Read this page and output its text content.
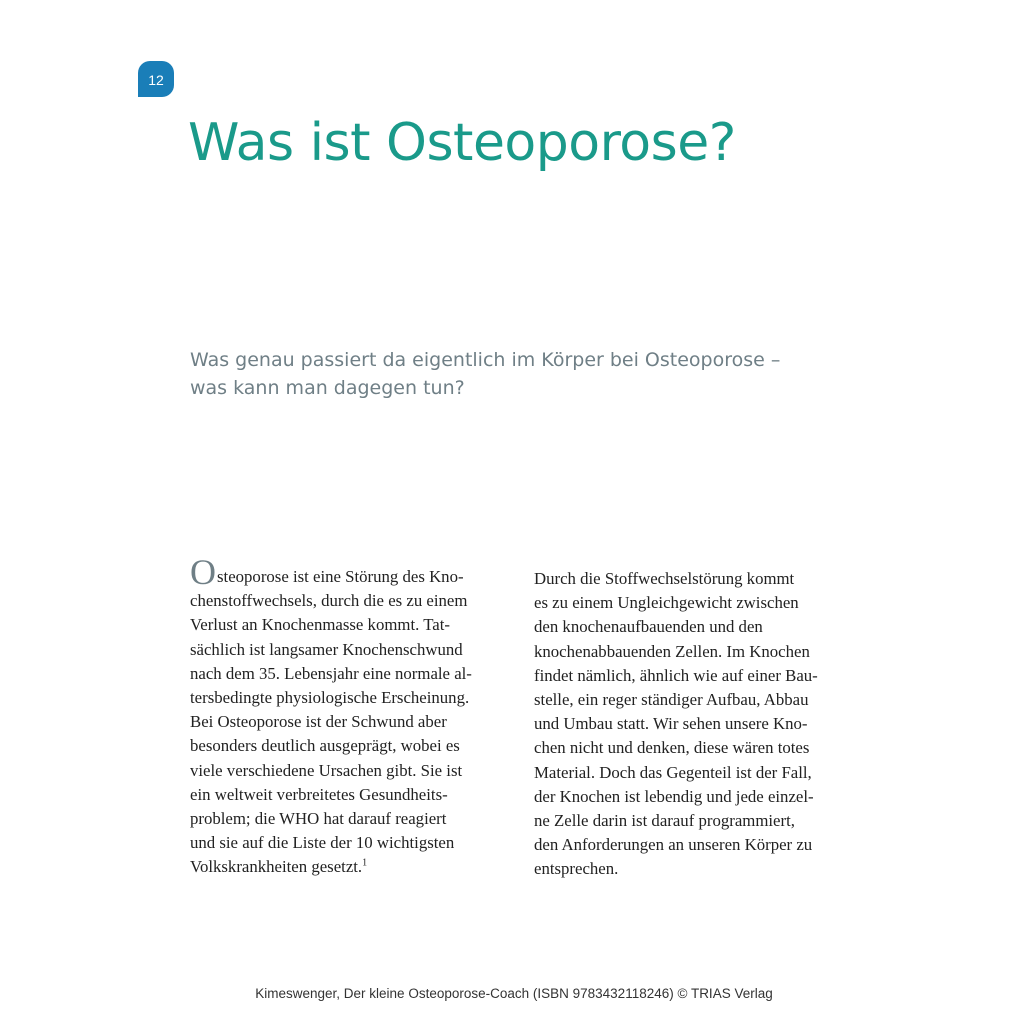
12
Was ist Osteoporose?

Was genau passiert da eigentlich im Körper bei Osteoporose – was kann man dagegen tun?

Osteoporose ist eine Störung des Kno-
chenstoffwechsels, durch die es zu einem
Verlust an Knochenmasse kommt. Tat-
sächlich ist langsamer Knochenschwund
nach dem 35. Lebensjahr eine normale al-
tersbedingte physiologische Erscheinung.
Bei Osteoporose ist der Schwund aber
besonders deutlich ausgeprägt, wobei es
viele verschiedene Ursachen gibt. Sie ist
ein weltweit verbreitetes Gesundheits-
problem; die WHO hat darauf reagiert
und sie auf die Liste der 10 wichtigsten
Volkskrankheiten gesetzt.$^1$

Durch die Stoffwechselstörung kommt
es zu einem Ungleichgewicht zwischen
den knochenaufbauenden und den
knochenabbauenden Zellen. Im Knochen
findet nämlich, ähnlich wie auf einer Bau-
stelle, ein reger ständiger Aufbau, Abbau
und Umbau statt. Wir sehen unsere Kno-
chen nicht und denken, diese wären totes
Material. Doch das Gegenteil ist der Fall,
der Knochen ist lebendig und jede einzel-
ne Zelle darin ist darauf programmiert,
den Anforderungen an unseren Körper zu
entsprechen.

Kimeswenger, Der kleine Osteoporose-Coach (ISBN 9783432118246) © TRIAS Verlag
